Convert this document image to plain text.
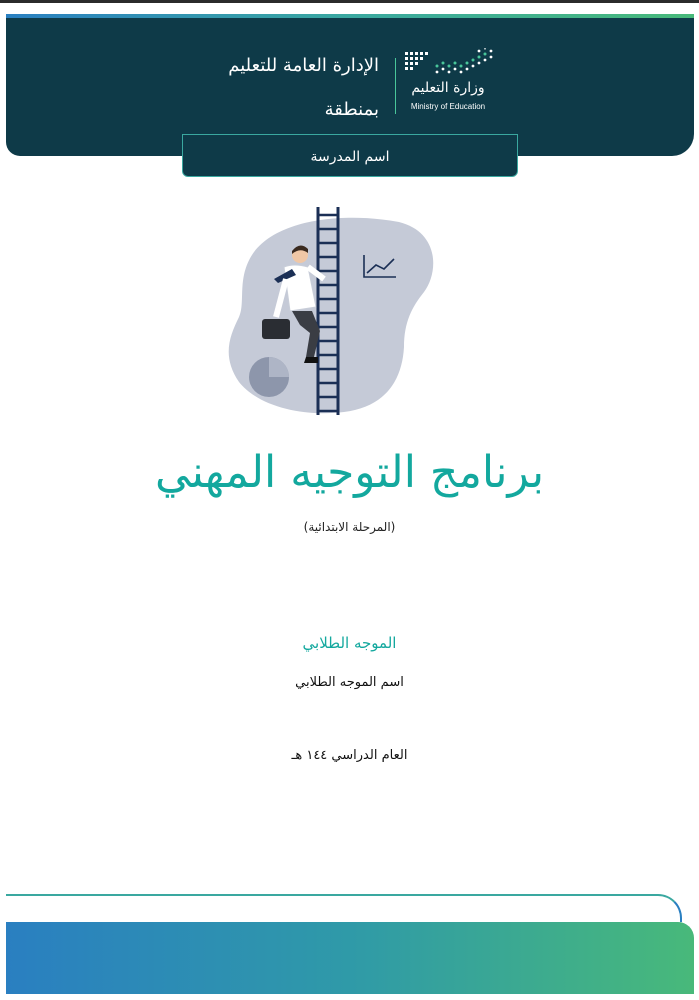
الإدارة العامة للتعليم
بمنطقة
وزارة التعليم
Ministry of Education
اسم المدرسة
برنامج التوجيه المهني
(المرحلة الابتدائية)
الموجه الطلابي
اسم الموجه الطلابي
العام الدراسي ١٤٤ هـ
